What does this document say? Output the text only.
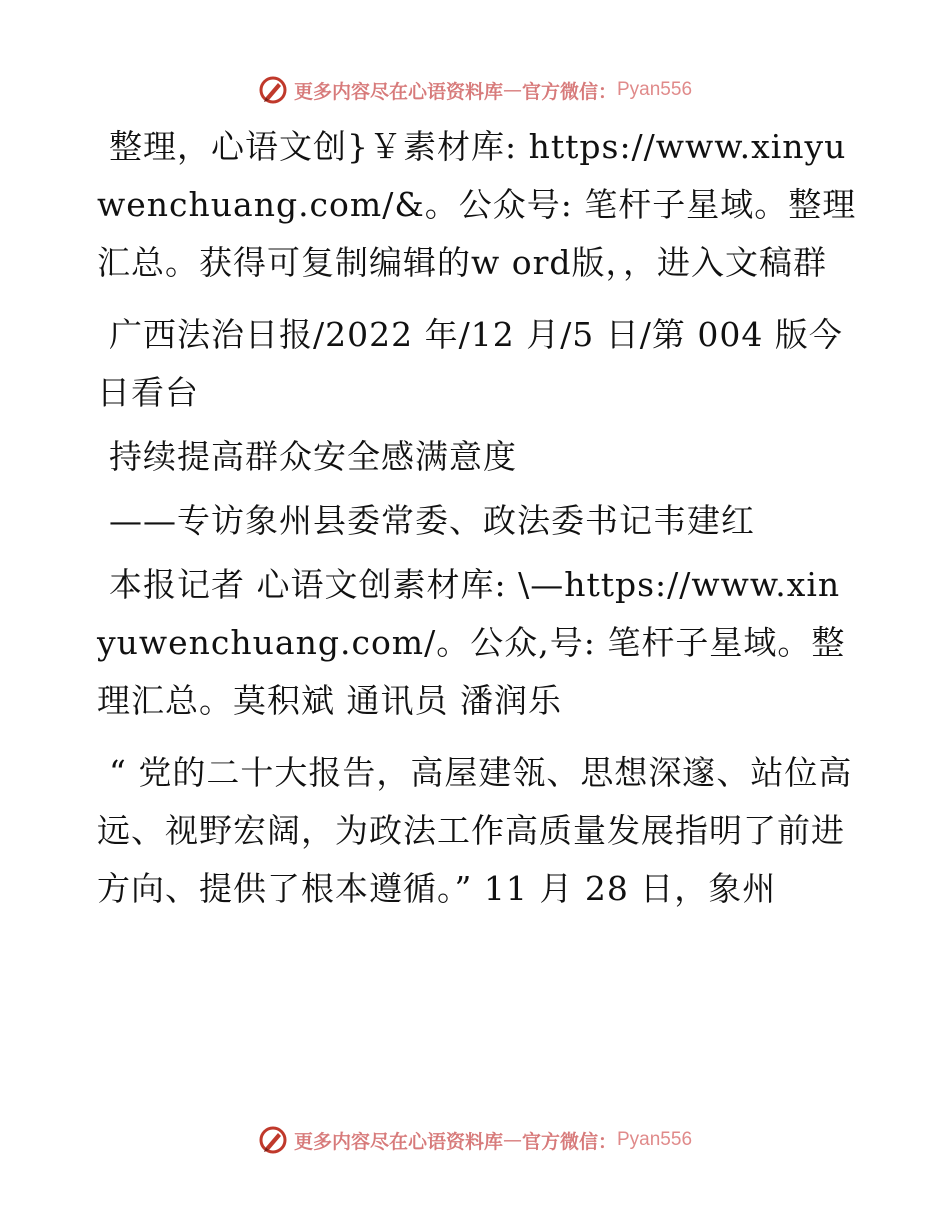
更多内容尽在心语资料库 — 官方微信： Pyan556

整理，心语文创}￥素材库: https://www.xinyuwenchuang.com/&。公众号: 笔杆子星域。整理汇总。获得可复制编辑的w ord版，，进入文稿群

广西法治日报/2022 年/12 月/5 日/第 004 版今日看台

持续提高群众安全感满意度

——专访象州县委常委、政法委书记韦建红

本报记者 心语文创素材库: \—https://www.xinyuwenchuang.com/。公众,号: 笔杆子星域。整理汇总。莫积斌 通讯员 潘润乐

“ 党的二十大报告，高屋建瓴、思想深邃、站位高远、视野宏阔，为政法工作高质量发展指明了前进方向、提供了根本遵循。” 11 月 28 日，象州

更多内容尽在心语资料库 — 官方微信： Pyan556
